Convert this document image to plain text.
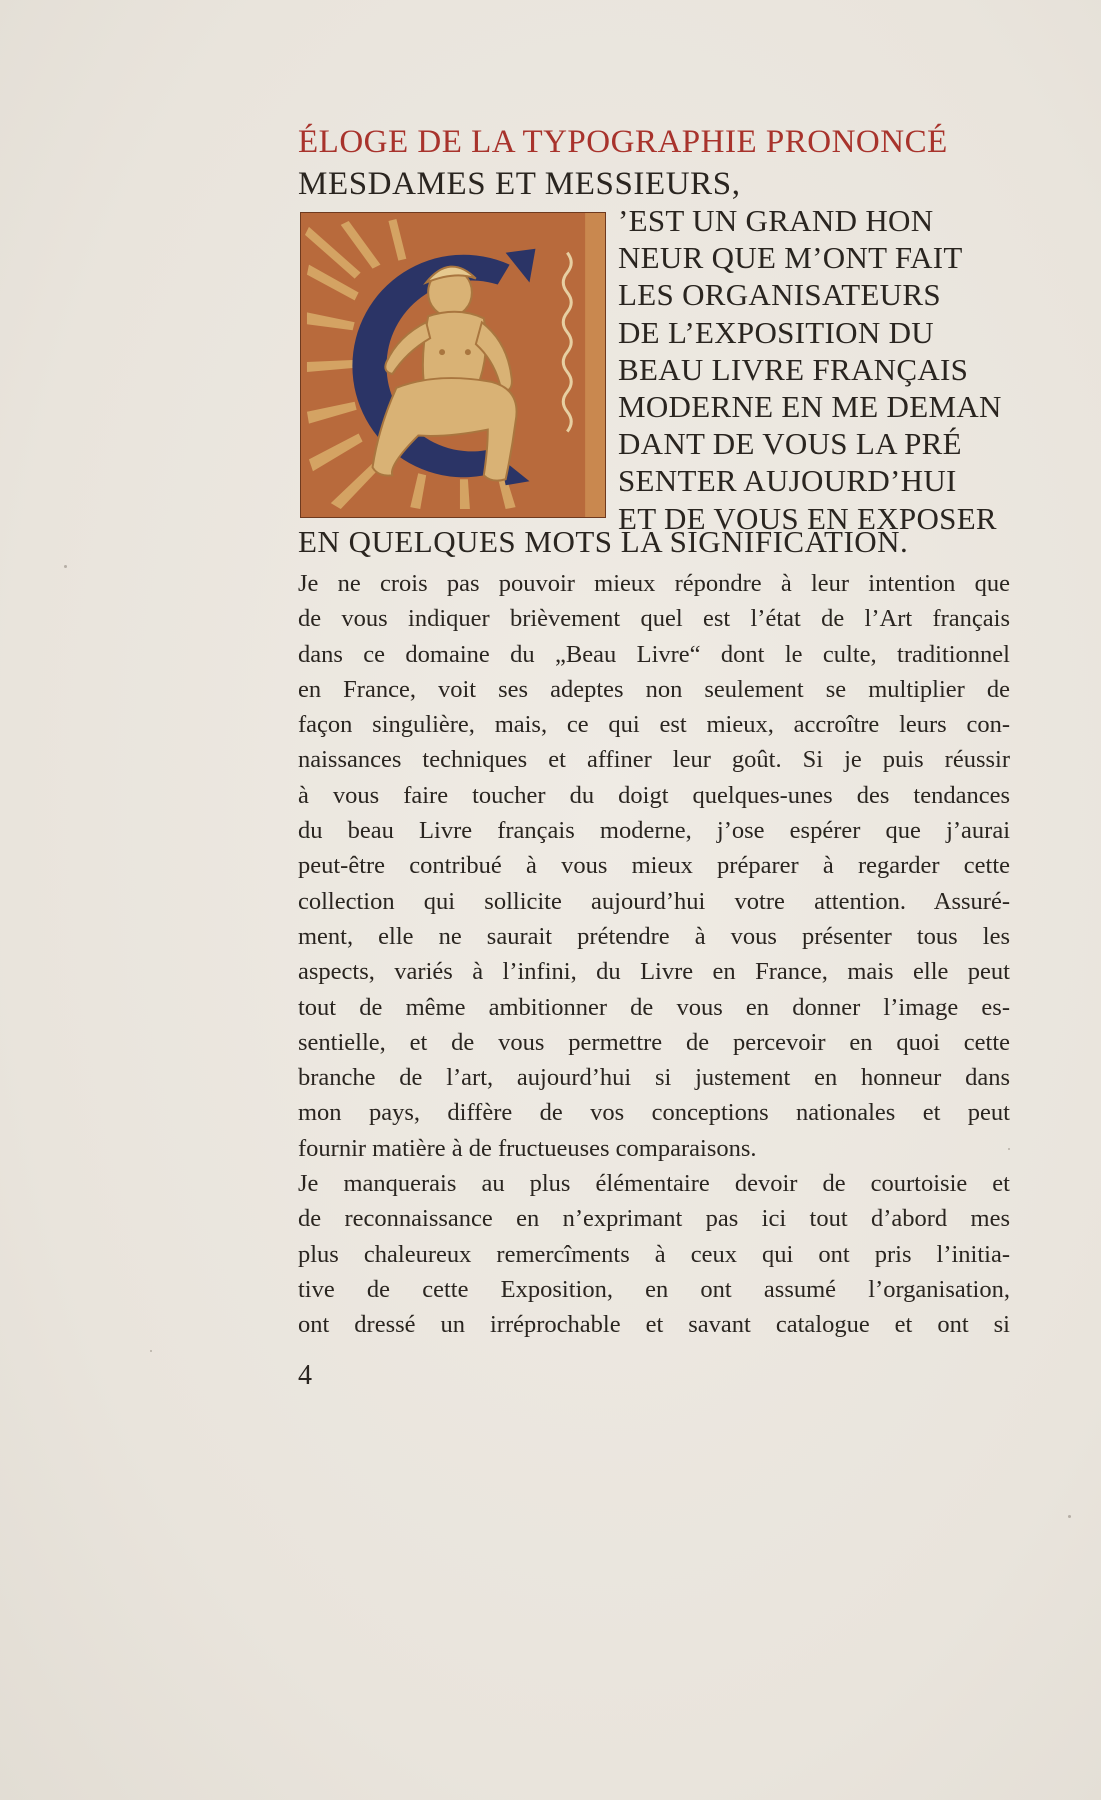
ÉLOGE DE LA TYPOGRAPHIE PRONONCÉ
MESDAMES ET MESSIEURS,
’EST UN GRAND HON
NEUR QUE M’ONT FAIT
LES ORGANISATEURS
DE L’EXPOSITION DU
BEAU LIVRE FRANÇAIS
MODERNE EN ME DEMAN
DANT DE VOUS LA PRÉ
SENTER AUJOURD’HUI
ET DE VOUS EN EXPOSER
EN QUELQUES MOTS LA SIGNIFICATION.
Je ne crois pas pouvoir mieux répondre à leur intention que
de vous indiquer brièvement quel est l’état de l’Art français
dans ce domaine du „Beau Livre“ dont le culte, traditionnel
en France, voit ses adeptes non seulement se multiplier de
façon singulière, mais, ce qui est mieux, accroître leurs con-
naissances techniques et affiner leur goût. Si je puis réussir
à vous faire toucher du doigt quelques-unes des tendances
du beau Livre français moderne, j’ose espérer que j’aurai
peut-être contribué à vous mieux préparer à regarder cette
collection qui sollicite aujourd’hui votre attention. Assuré-
ment, elle ne saurait prétendre à vous présenter tous les
aspects, variés à l’infini, du Livre en France, mais elle peut
tout de même ambitionner de vous en donner l’image es-
sentielle, et de vous permettre de percevoir en quoi cette
branche de l’art, aujourd’hui si justement en honneur dans
mon pays, diffère de vos conceptions nationales et peut
fournir matière à de fructueuses comparaisons.
Je manquerais au plus élémentaire devoir de courtoisie et
de reconnaissance en n’exprimant pas ici tout d’abord mes
plus chaleureux remercîments à ceux qui ont pris l’initia-
tive de cette Exposition, en ont assumé l’organisation,
ont dressé un irréprochable et savant catalogue et ont si
4
